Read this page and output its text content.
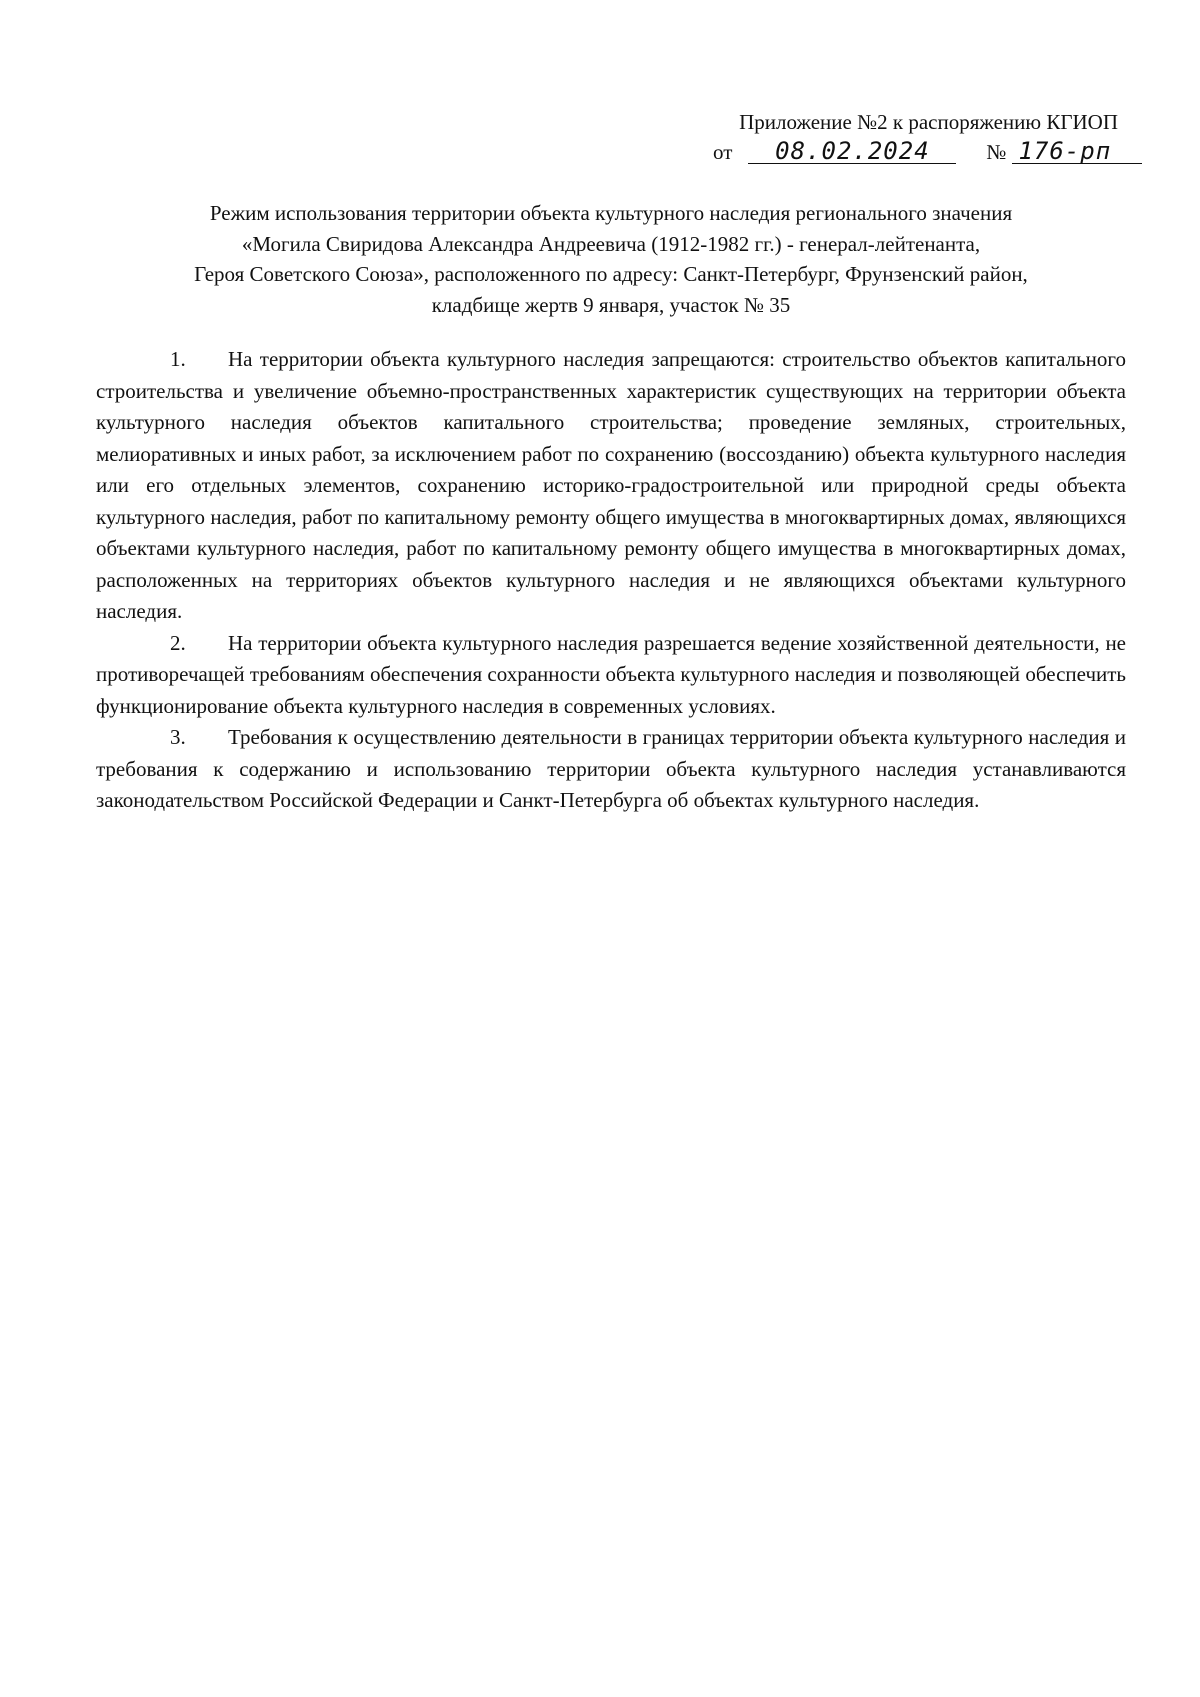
Приложение №2 к распоряжению КГИОП
от 08.02.2024	№ 176-рп
Режим использования территории объекта культурного наследия регионального значения
«Могила Свиридова Александра Андреевича (1912-1982 гг.) - генерал-лейтенанта,
Героя Советского Союза», расположенного по адресу: Санкт-Петербург, Фрунзенский район,
кладбище жертв 9 января, участок № 35

1. На территории объекта культурного наследия запрещаются: строительство объектов капитального строительства и увеличение объемно-пространственных характеристик существующих на территории объекта культурного наследия объектов капитального строительства; проведение земляных, строительных, мелиоративных и иных работ, за исключением работ по сохранению (воссозданию) объекта культурного наследия или его отдельных элементов, сохранению историко-градостроительной или природной среды объекта культурного наследия, работ по капитальному ремонту общего имущества в многоквартирных домах, являющихся объектами культурного наследия, работ по капитальному ремонту общего имущества в многоквартирных домах, расположенных на территориях объектов культурного наследия и не являющихся объектами культурного наследия.

2. На территории объекта культурного наследия разрешается ведение хозяйственной деятельности, не противоречащей требованиям обеспечения сохранности объекта культурного наследия и позволяющей обеспечить функционирование объекта культурного наследия в современных условиях.

3. Требования к осуществлению деятельности в границах территории объекта культурного наследия и требования к содержанию и использованию территории объекта культурного наследия устанавливаются законодательством Российской Федерации и Санкт-Петербурга об объектах культурного наследия.
